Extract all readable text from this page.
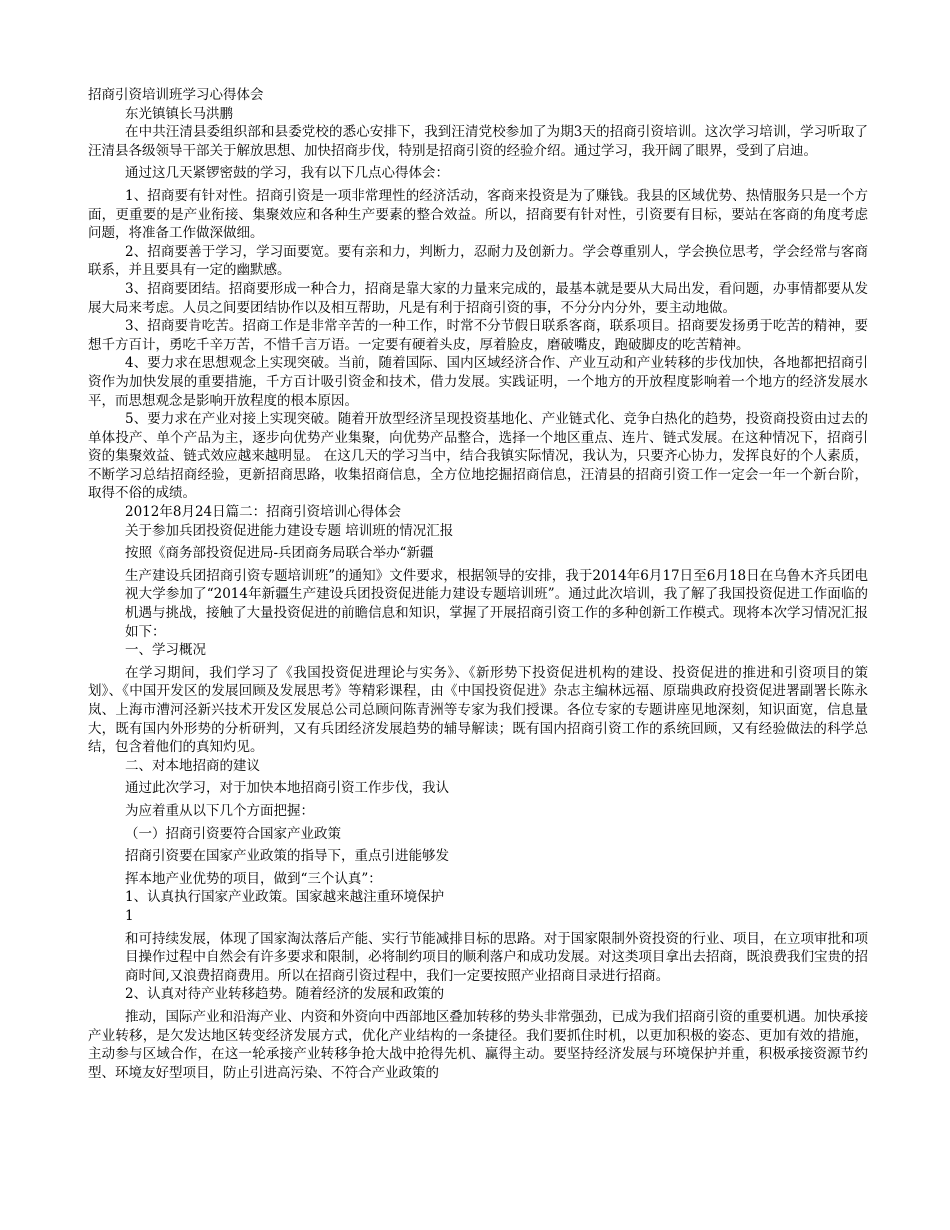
招商引资培训班学习心得体会

东光镇镇长马洪鹏

在中共汪清县委组织部和县委党校的悉心安排下，我到汪清党校参加了为期3天的招商引资培训。这次学习培训，学习听取了汪清县各级领导干部关于解放思想、加快招商步伐，特别是招商引资的经验介绍。通过学习，我开阔了眼界，受到了启迪。

通过这几天紧锣密鼓的学习，我有以下几点心得体会：

1、招商要有针对性。招商引资是一项非常理性的经济活动，客商来投资是为了赚钱。我县的区域优势、热情服务只是一个方面，更重要的是产业衔接、集聚效应和各种生产要素的整合效益。所以，招商要有针对性，引资要有目标，要站在客商的角度考虑问题，将准备工作做深做细。

2、招商要善于学习，学习面要宽。要有亲和力，判断力，忍耐力及创新力。学会尊重别人，学会换位思考，学会经常与客商联系，并且要具有一定的幽默感。

3、招商要团结。招商要形成一种合力，招商是靠大家的力量来完成的，最基本就是要从大局出发，看问题，办事情都要从发展大局来考虑。人员之间要团结协作以及相互帮助，凡是有利于招商引资的事，不分分内分外，要主动地做。

3、招商要肯吃苦。招商工作是非常辛苦的一种工作，时常不分节假日联系客商，联系项目。招商要发扬勇于吃苦的精神，要想千方百计，勇吃千辛万苦，不惜千言万语。一定要有硬着头皮，厚着脸皮，磨破嘴皮，跑破脚皮的吃苦精神。

4、要力求在思想观念上实现突破。当前，随着国际、国内区域经济合作、产业互动和产业转移的步伐加快，各地都把招商引资作为加快发展的重要措施，千方百计吸引资金和技术，借力发展。实践证明，一个地方的开放程度影响着一个地方的经济发展水平，而思想观念是影响开放程度的根本原因。

5、要力求在产业对接上实现突破。随着开放型经济呈现投资基地化、产业链式化、竞争白热化的趋势，投资商投资由过去的单体投产、单个产品为主，逐步向优势产业集聚，向优势产品整合，选择一个地区重点、连片、链式发展。在这种情况下，招商引资的集聚效益、链式效应越来越明显。 在这几天的学习当中，结合我镇实际情况，我认为，只要齐心协力，发挥良好的个人素质，不断学习总结招商经验，更新招商思路，收集招商信息，全方位地挖掘招商信息，汪清县的招商引资工作一定会一年一个新台阶，取得不俗的成绩。

2012年8月24日篇二：招商引资培训心得体会

关于参加兵团投资促进能力建设专题 培训班的情况汇报

按照《商务部投资促进局-兵团商务局联合举办“新疆

生产建设兵团招商引资专题培训班”的通知》文件要求，根据领导的安排，我于2014年6月17日至6月18日在乌鲁木齐兵团电视大学参加了“2014年新疆生产建设兵团投资促进能力建设专题培训班”。通过此次培训，我了解了我国投资促进工作面临的机遇与挑战，接触了大量投资促进的前瞻信息和知识，掌握了开展招商引资工作的多种创新工作模式。现将本次学习情况汇报如下：

一、学习概况

在学习期间，我们学习了《我国投资促进理论与实务》、《新形势下投资促进机构的建设、投资促进的推进和引资项目的策划》、《中国开发区的发展回顾及发展思考》等精彩课程，由《中国投资促进》杂志主编林远福、原瑞典政府投资促进署副署长陈永岚、上海市漕河泾新兴技术开发区发展总公司总顾问陈青洲等专家为我们授课。各位专家的专题讲座见地深刻，知识面宽，信息量大，既有国内外形势的分析研判，又有兵团经济发展趋势的辅导解读；既有国内招商引资工作的系统回顾，又有经验做法的科学总结，包含着他们的真知灼见。

二、对本地招商的建议

通过此次学习，对于加快本地招商引资工作步伐，我认

为应着重从以下几个方面把握：

（一）招商引资要符合国家产业政策

招商引资要在国家产业政策的指导下，重点引进能够发

挥本地产业优势的项目，做到“三个认真”：

1、认真执行国家产业政策。国家越来越注重环境保护

1

和可持续发展，体现了国家淘汰落后产能、实行节能减排目标的思路。对于国家限制外资投资的行业、项目，在立项审批和项目操作过程中自然会有许多要求和限制，必将制约项目的顺利落户和成功发展。对这类项目拿出去招商，既浪费我们宝贵的招商时间,又浪费招商费用。所以在招商引资过程中，我们一定要按照产业招商目录进行招商。

2、认真对待产业转移趋势。随着经济的发展和政策的

推动，国际产业和沿海产业、内资和外资向中西部地区叠加转移的势头非常强劲，已成为我们招商引资的重要机遇。加快承接产业转移，是欠发达地区转变经济发展方式，优化产业结构的一条捷径。我们要抓住时机，以更加积极的姿态、更加有效的措施，主动参与区域合作，在这一轮承接产业转移争抢大战中抢得先机、赢得主动。要坚持经济发展与环境保护并重，积极承接资源节约型、环境友好型项目，防止引进高污染、不符合产业政策的
